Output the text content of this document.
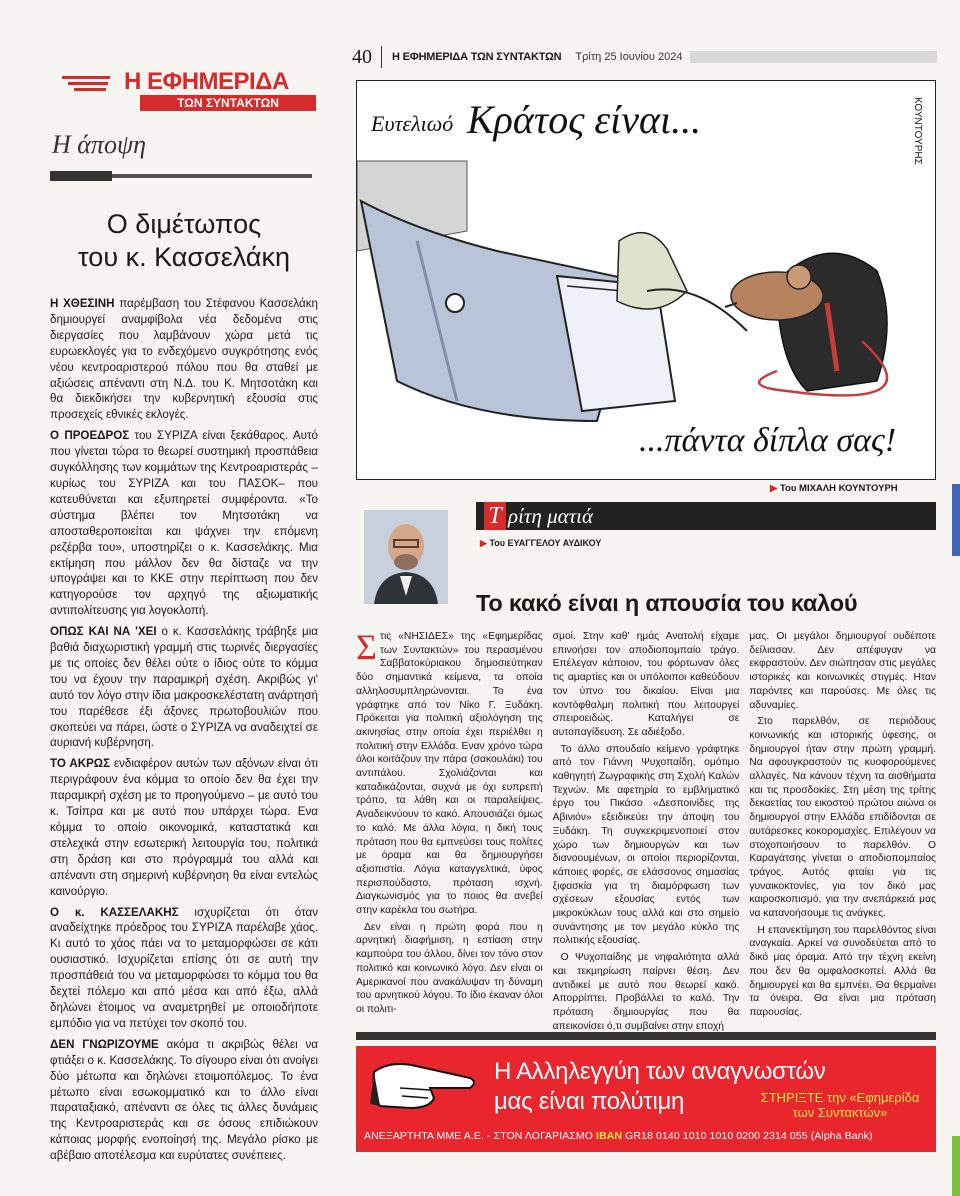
Η ΕΦΗΜΕΡΙΔΑ
ΤΩΝ ΣΥΝΤΑΚΤΩΝ
Η άποψη
Ο διμέτωπος
του κ. Κασσελάκη

Η ΧΘΕΣΙΝΗ παρέμβαση του Στέφανου Κασσελάκη δημιουργεί αναμφίβολα νέα δεδομένα στις διεργασίες που λαμβάνουν χώρα μετά τις ευρωεκλογές για το ενδεχόμενο συγκρότησης ενός νέου κεντροαριστερού πόλου που θα σταθεί με αξιώσεις απέναντι στη Ν.Δ. του Κ. Μητσοτάκη και θα διεκδικήσει την κυβερνητική εξουσία στις προσεχείς εθνικές εκλογές.

Ο ΠΡΟΕΔΡΟΣ του ΣΥΡΙΖΑ είναι ξεκάθαρος. Αυτό που γίνεται τώρα το θεωρεί συστημική προσπάθεια συγκόλλησης των κομμάτων της Κεντροαριστεράς –κυρίως του ΣΥΡΙΖΑ και του ΠΑΣΟΚ– που κατευθύνεται και εξυπηρετεί συμφέροντα. «Το σύστημα βλέπει τον Μητσοτάκη να αποσταθεροποιείται και ψάχνει την επόμενη ρεζέρβα του», υποστηρίζει ο κ. Κασσελάκης. Μια εκτίμηση που μάλλον δεν θα δίσταζε να την υπογράψει και το ΚΚΕ στην περίπτωση που δεν κατηγορούσε τον αρχηγό της αξιωματικής αντιπολίτευσης για λογοκλοπή.

ΟΠΩΣ ΚΑΙ ΝΑ 'ΧΕΙ ο κ. Κασσελάκης τράβηξε μια βαθιά διαχωριστική γραμμή στις τωρινές διεργασίες με τις οποίες δεν θέλει ούτε ο ίδιος ούτε το κόμμα του να έχουν την παραμικρή σχέση. Ακριβώς γι' αυτό τον λόγο στην ίδια μακροσκελέστατη ανάρτησή του παρέθεσε έξι άξονες πρωτοβουλιών που σκοπεύει να πάρει, ώστε ο ΣΥΡΙΖΑ να αναδειχτεί σε αυριανή κυβέρνηση.

ΤΟ ΑΚΡΩΣ ενδιαφέρον αυτών των αξόνων είναι ότι περιγράφουν ένα κόμμα το οποίο δεν θα έχει την παραμικρή σχέση με το προηγούμενο – με αυτό του κ. Τσίπρα και με αυτό που υπάρχει τώρα. Ενα κόμμα το οποίο οικονομικά, καταστατικά και στελεχικά στην εσωτερική λειτουργία του, πολιτικά στη δράση και στο πρόγραμμά του αλλά και απέναντι στη σημερινή κυβέρνηση θα είναι εντελώς καινούργιο.

Ο κ. ΚΑΣΣΕΛΑΚΗΣ ισχυρίζεται ότι όταν αναδείχτηκε πρόεδρος του ΣΥΡΙΖΑ παρέλαβε χάος. Κι αυτό το χάος πάει να το μεταμορφώσει σε κάτι ουσιαστικό. Ισχυρίζεται επίσης ότι σε αυτή την προσπάθειά του να μεταμορφώσει το κόμμα του θα δεχτεί πόλεμο και από μέσα και από έξω, αλλά δηλώνει έτοιμος να αναμετρηθεί με οποιοδήποτε εμπόδιο για να πετύχει τον σκοπό του.

ΔΕΝ ΓΝΩΡΙΖΟΥΜΕ ακόμα τι ακριβώς θέλει να φτιάξει ο κ. Κασσελάκης. Το σίγουρο είναι ότι ανοίγει δύο μέτωπα και δηλώνει ετοιμοπόλεμος. Το ένα μέτωπο είναι εσωκομματικό και το άλλο είναι παραταξιακό, απέναντι σε όλες τις άλλες δυνάμεις της Κεντροαριστεράς και σε όσους επιδιώκουν κάποιας μορφής ενοποίησή της. Μεγάλο ρίσκο με αβέβαιο αποτέλεσμα και ευρύτατες συνέπειες.

40	Η ΕΦΗΜΕΡΙΔΑ ΤΩΝ ΣΥΝΤΑΚΤΩΝ Τρίτη 25 Ιουνίου 2024
Ευτελιωό Κράτος είναι...	ΚΟΥΝΤΟΥΡΗΣ
...πάντα δίπλα σας!
▶ Του ΜΙΧΑΛΗ ΚΟΥΝΤΟΥΡΗ
Τ ρίτη ματιά
▶ Του ΕΥΑΓΓΕΛΟΥ ΑΥΔΙΚΟΥ
Το κακό είναι η απουσία του καλού

Στις «ΝΗΣΙΔΕΣ» της «Εφημερίδας των Συντακτών» του περασμένου Σαββατοκύριακου δημοσιεύτηκαν δύο σημαντικά κείμενα, τα οποία αλληλοσυμπληρώνονται. Το ένα γράφτηκε από τον Νίκο Γ. Ξυδάκη. Πρόκειται για πολιτική αξιολόγηση της ακινησίας στην οποία έχει περιέλθει η πολιτική στην Ελλάδα. Εναν χρόνο τώρα όλοι κοιτάζουν την πάρα (σακουλάκι) του αντιπάλου. Σχολιάζονται και καταδικάζονται, συχνά με όχι ευπρεπή τρόπο, τα λάθη και οι παραλείψεις. Αναδεικνύουν το κακό. Απουσιάζει όμως το καλό. Με άλλα λόγια, η δική τους πρόταση που θα εμπνεύσει τους πολίτες με όραμα και θα δημιουργήσει αξιοπιστία. Λόγια καταγγελτικά, ύφος περισπούδαστο, πρόταση ισχνή. Διαγκωνισμός για το ποιος θα ανεβεί στην καρέκλα του σωτήρα.

Δεν είναι η πρώτη φορά που η αρνητική διαφήμιση, η εστίαση στην καμπούρα του άλλου, δίνει τον τόνο στον πολιτικό και κοινωνικό λόγο. Δεν είναι οι Αμερικανοί που ανακάλυψαν τη δύναμη του αρνητικού λόγου. Το ίδιο έκαναν όλοι οι πολιτι-

σμοί. Στην καθ' ημάς Ανατολή είχαμε επινοήσει τον αποδιοπομπαίο τράγο. Επέλεγαν κάποιον, του φόρτωναν όλες τις αμαρτίες και οι υπόλοιποι καθεύδουν τον ύπνο του δικαίου. Είναι μια κοντόφθαλμη πολιτική που λειτουργεί σπειροειδώς. Καταλήγει σε αυτοπαγίδευση. Σε αδιέξοδο.

Το άλλο σπουδαίο κείμενο γράφτηκε από τον Γιάννη Ψυχοπαίδη, ομότιμο καθηγητή Ζωγραφικής στη Σχολή Καλών Τεχνών. Με αφετηρία το εμβληματικό έργο του Πικάσο «Δεσποινίδες της Αβινιόν» εξειδικεύει την άποψη του Ξυδάκη. Τη συγκεκριμενοποιεί στον χώρο των δημιουργών και των διανοουμένων, οι οποίοι περιορίζονται, κάποιες φορές, σε ελάσσονος σημασίας ξιφασκία για τη διαμόρφωση των σχέσεων εξουσίας εντός των μικροκύκλων τους αλλά και στο σημείο συνάντησης με τον μεγάλο κύκλο της πολιτικής εξουσίας.

Ο Ψυχοπαίδης με νηφαλιότητα αλλά και τεκμηρίωση παίρνει θέση. Δεν αντιδικεί με αυτό που θεωρεί κακό. Απορρίπτει. Προβάλλει το καλό. Την πρόταση δημιουργίας που θα απεικονίσει ό,τι συμβαίνει στην εποχή

μας. Οι μεγάλοι δημιουργοί ουδέποτε δείλιασαν. Δεν απέφυγαν να εκφραστούν. Δεν σιώπησαν στις μεγάλες ιστορικές και κοινωνικές στιγμές. Ηταν παρόντες και παρούσες. Με όλες τις αδυναμίες.

Στο παρελθόν, σε περιόδους κοινωνικής και ιστορικής ύφεσης, οι δημιουργοί ήταν στην πρώτη γραμμή. Να αφουγκραστούν τις κυοφορούμενες αλλαγές. Να κάνουν τέχνη τα αισθήματα και τις προσδοκίες. Στη μέση της τρίτης δεκαετίας του εικοστού πρώτου αιώνα οι δημιουργοί στην Ελλάδα επιδίδονται σε αυτάρεσκες κοκορομαχίες. Επιλέγουν να στοχοποιήσουν το παρελθόν. Ο Καραγάτσης γίνεται ο αποδιοπομπαίος τράγος. Αυτός φταίει για τις γυναικοκτονίες, για τον δικό μας καιροσκοπισμό, για την ανεπάρκειά μας να κατανοήσουμε τις ανάγκες.

Η επανεκτίμηση του παρελθόντος είναι αναγκαία. Αρκεί να συνοδεύεται από το δικό μας όραμα. Από την τέχνη εκείνη που δεν θα ομφαλοσκοπεί. Αλλά θα δημιουργεί και θα εμπνέει. Θα θερμαίνει τα όνειρα. Θα είναι μια πρόταση παρουσίας.

Η Αλληλεγγύη των αναγνωστών
μας είναι πολύτιμη	ΣΤΗΡΙΞΤΕ την «Εφημερίδα
των Συντακτών»
ΑΝΕΞΑΡΤΗΤΑ ΜΜΕ Α.Ε. - ΣΤΟΝ ΛΟΓΑΡΙΑΣΜΟ IBAN GR18 0140 1010 1010 0200 2314 055 (Alpha Bank)
